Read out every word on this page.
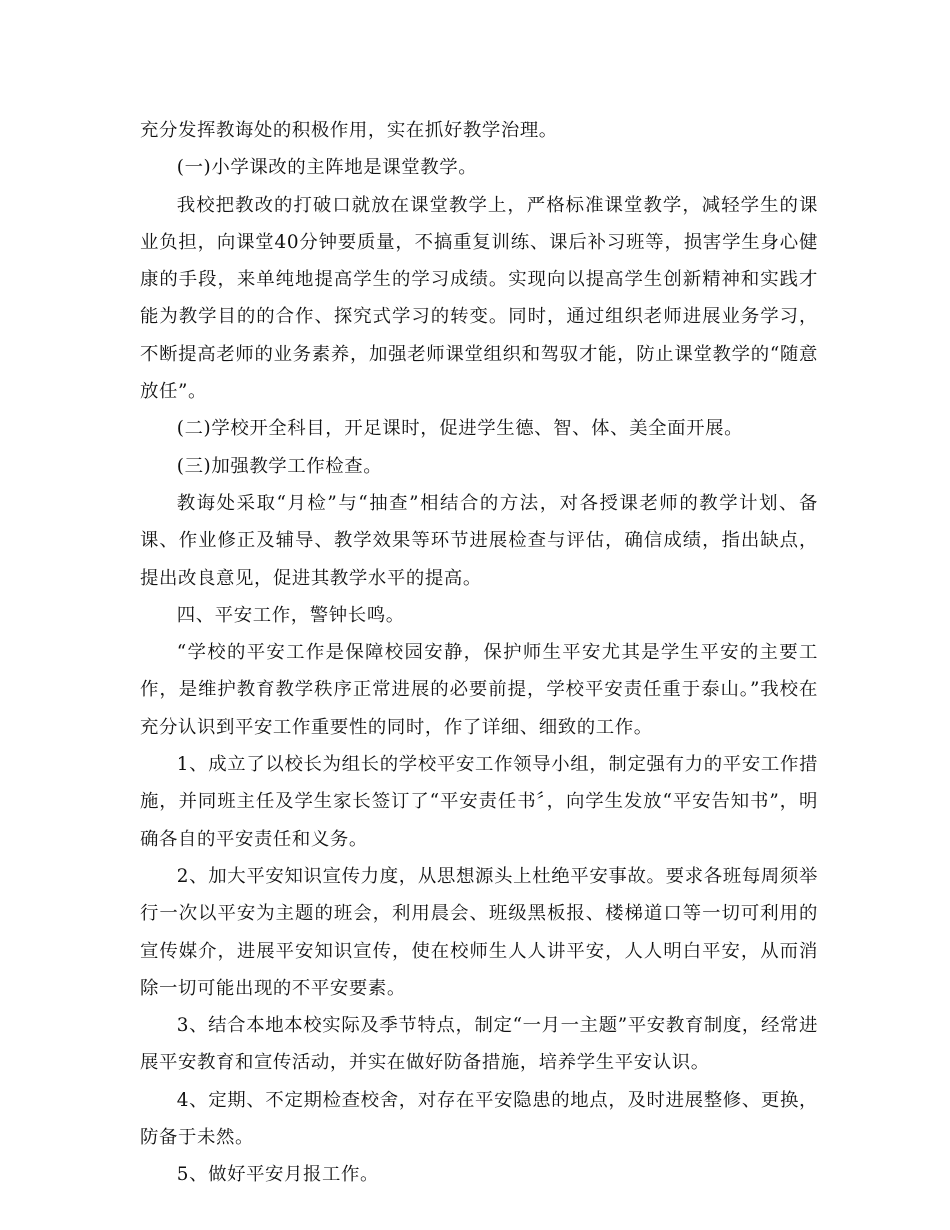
充分发挥教诲处的积极作用，实在抓好教学治理。

(一)小学课改的主阵地是课堂教学。

我校把教改的打破口就放在课堂教学上，严格标准课堂教学，减轻学生的课业负担，向课堂40分钟要质量，不搞重复训练、课后补习班等，损害学生身心健康的手段，来单纯地提高学生的学习成绩。实现向以提高学生创新精神和实践才能为教学目的的合作、探究式学习的转变。同时，通过组织老师进展业务学习，不断提高老师的业务素养，加强老师课堂组织和驾驭才能，防止课堂教学的“随意放任”。

(二)学校开全科目，开足课时，促进学生德、智、体、美全面开展。

(三)加强教学工作检查。

教诲处采取“月检”与“抽查”相结合的方法，对各授课老师的教学计划、备课、作业修正及辅导、教学效果等环节进展检查与评估，确信成绩，指出缺点，提出改良意见，促进其教学水平的提高。

四、平安工作，警钟长鸣。

“学校的平安工作是保障校园安静，保护师生平安尤其是学生平安的主要工作，是维护教育教学秩序正常进展的必要前提，学校平安责任重于泰山。”我校在充分认识到平安工作重要性的同时，作了详细、细致的工作。

1、成立了以校长为组长的学校平安工作领导小组，制定强有力的平安工作措施，并同班主任及学生家长签订了“平安责任书〞，向学生发放“平安告知书”，明确各自的平安责任和义务。

2、加大平安知识宣传力度，从思想源头上杜绝平安事故。要求各班每周须举行一次以平安为主题的班会，利用晨会、班级黑板报、楼梯道口等一切可利用的宣传媒介，进展平安知识宣传，使在校师生人人讲平安，人人明白平安，从而消除一切可能出现的不平安要素。

3、结合本地本校实际及季节特点，制定“一月一主题”平安教育制度，经常进展平安教育和宣传活动，并实在做好防备措施，培养学生平安认识。

4、定期、不定期检查校舍，对存在平安隐患的地点，及时进展整修、更换，防备于未然。

5、做好平安月报工作。
